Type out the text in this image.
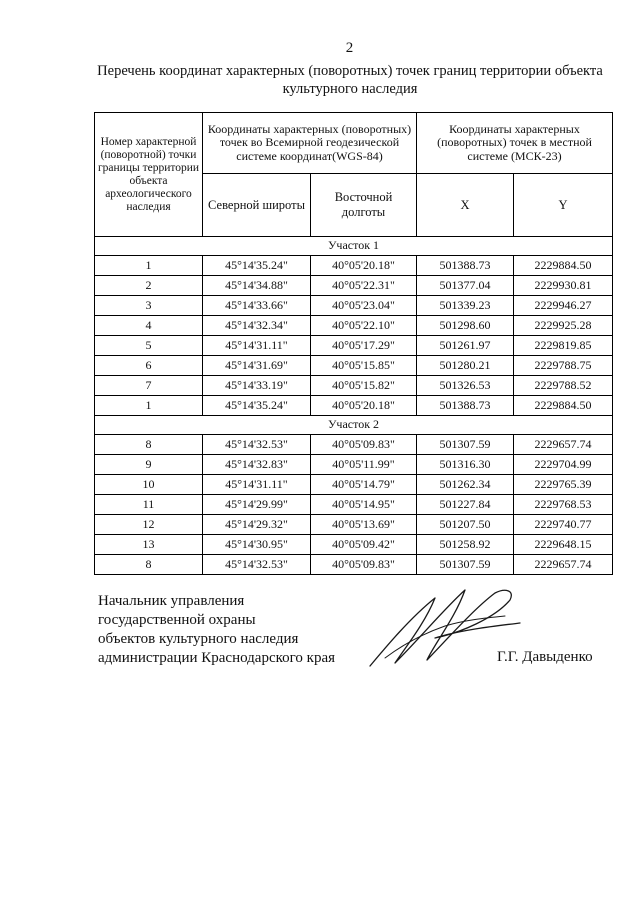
2
Перечень координат характерных (поворотных) точек границ территории объекта культурного наследия
Номер характерной (поворотной) точки границы территории объекта археологического наследия	Координаты характерных (поворотных) точек во Всемирной геодезической системе координат(WGS-84)		Координаты характерных (поворотных) точек в местной системе (МСК-23)	
	Северной широты	Восточной долготы	X	Y
Участок 1				
1	45°14'35.24"	40°05'20.18"	501388.73	2229884.50
2	45°14'34.88"	40°05'22.31"	501377.04	2229930.81
3	45°14'33.66"	40°05'23.04"	501339.23	2229946.27
4	45°14'32.34"	40°05'22.10"	501298.60	2229925.28
5	45°14'31.11"	40°05'17.29"	501261.97	2229819.85
6	45°14'31.69"	40°05'15.85"	501280.21	2229788.75
7	45°14'33.19"	40°05'15.82"	501326.53	2229788.52
1	45°14'35.24"	40°05'20.18"	501388.73	2229884.50
Участок 2				
8	45°14'32.53"	40°05'09.83"	501307.59	2229657.74
9	45°14'32.83"	40°05'11.99"	501316.30	2229704.99
10	45°14'31.11"	40°05'14.79"	501262.34	2229765.39
11	45°14'29.99"	40°05'14.95"	501227.84	2229768.53
12	45°14'29.32"	40°05'13.69"	501207.50	2229740.77
13	45°14'30.95"	40°05'09.42"	501258.92	2229648.15
8	45°14'32.53"	40°05'09.83"	501307.59	2229657.74
Начальник управления
государственной охраны
объектов культурного наследия
администрации Краснодарского края	Г.Г. Давыденко
